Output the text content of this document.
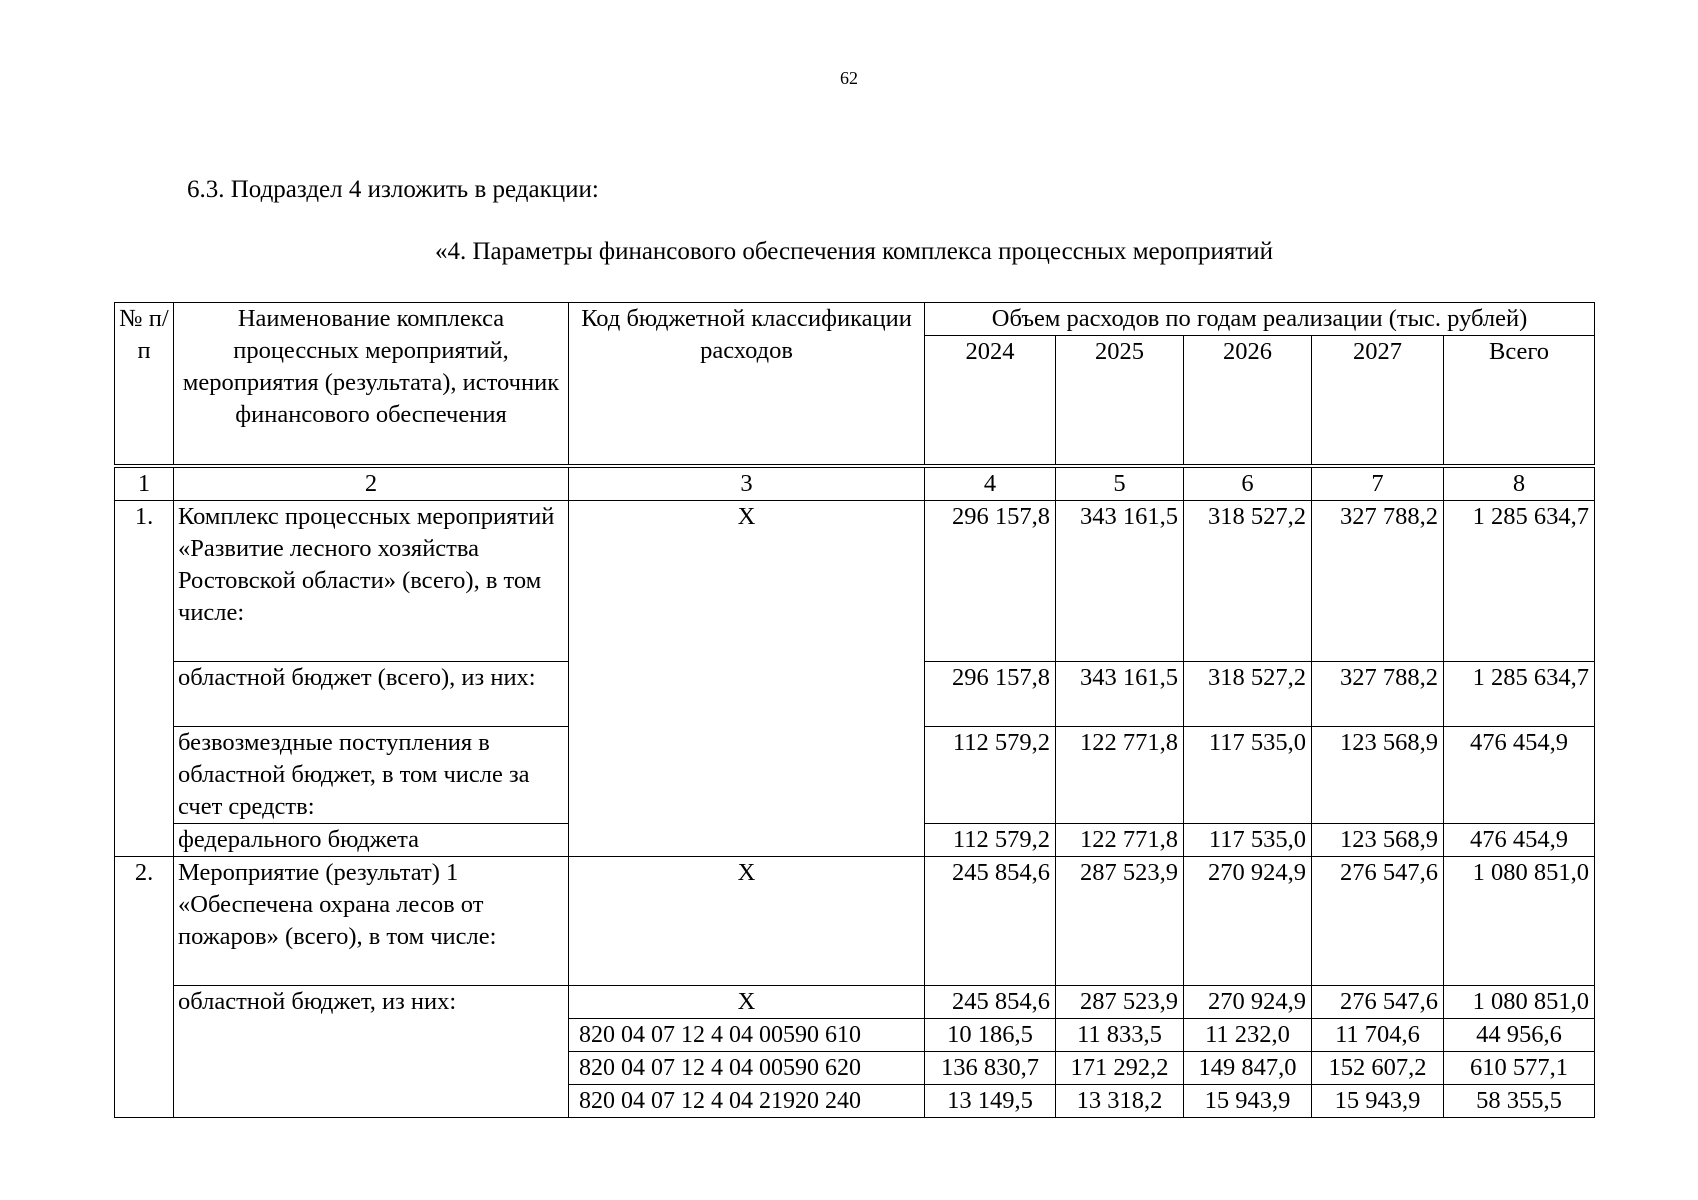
62
6.3. Подраздел 4 изложить в редакции:
«4. Параметры финансового обеспечения комплекса процессных мероприятий
№ п/п	Наименование комплекса процессных мероприятий, мероприятия (результата), источник финансового обеспечения	Код бюджетной классификации расходов	Объем расходов по годам реализации (тыс. рублей)				
			2024	2025	2026	2027	Всего
1	2	3	4	5	6	7	8
1.	Комплекс процессных мероприятий «Развитие лесного хозяйства Ростовской области» (всего), в том числе:	X	296 157,8	343 161,5	318 527,2	327 788,2	1 285 634,7
	областной бюджет (всего), из них:		296 157,8	343 161,5	318 527,2	327 788,2	1 285 634,7
	безвозмездные поступления в областной бюджет, в том числе за счет средств:		112 579,2	122 771,8	117 535,0	123 568,9	476 454,9
	федерального бюджета		112 579,2	122 771,8	117 535,0	123 568,9	476 454,9
2.	Мероприятие (результат) 1 «Обеспечена охрана лесов от пожаров» (всего), в том числе:	X	245 854,6	287 523,9	270 924,9	276 547,6	1 080 851,0
	областной бюджет, из них:	X	245 854,6	287 523,9	270 924,9	276 547,6	1 080 851,0
		820 04 07 12 4 04 00590 610	10 186,5	11 833,5	11 232,0	11 704,6	44 956,6
		820 04 07 12 4 04 00590 620	136 830,7	171 292,2	149 847,0	152 607,2	610 577,1
		820 04 07 12 4 04 21920 240	13 149,5	13 318,2	15 943,9	15 943,9	58 355,5
